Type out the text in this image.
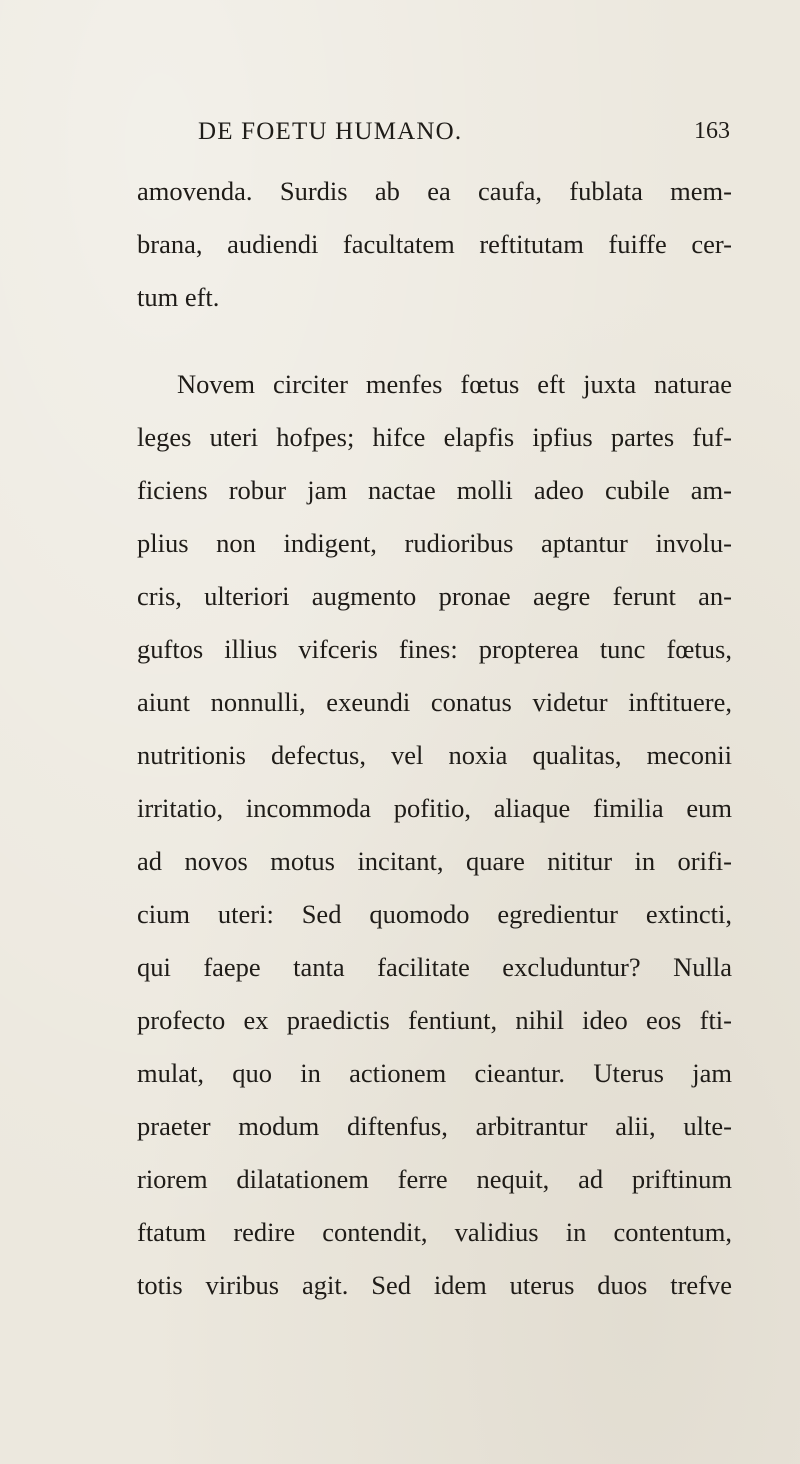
DE FOETU HUMANO.	163
amovenda. Surdis ab ea caufa, fublata mem-
brana, audiendi facultatem reftitutam fuiffe cer-
tum eft.
Novem circiter menfes fœtus eft juxta naturae
leges uteri hofpes; hifce elapfis ipfius partes fuf-
ficiens robur jam nactae molli adeo cubile am-
plius non indigent, rudioribus aptantur involu-
cris, ulteriori augmento pronae aegre ferunt an-
guftos illius vifceris fines: propterea tunc fœtus,
aiunt nonnulli, exeundi conatus videtur inftituere,
nutritionis defectus, vel noxia qualitas, meconii
irritatio, incommoda pofitio, aliaque fimilia eum
ad novos motus incitant, quare nititur in orifi-
cium uteri: Sed quomodo egredientur extincti,
qui faepe tanta facilitate excluduntur? Nulla
profecto ex praedictis fentiunt, nihil ideo eos fti-
mulat, quo in actionem cieantur. Uterus jam
praeter modum diftenfus, arbitrantur alii, ulte-
riorem dilatationem ferre nequit, ad priftinum
ftatum redire contendit, validius in contentum,
totis viribus agit. Sed idem uterus duos trefve
